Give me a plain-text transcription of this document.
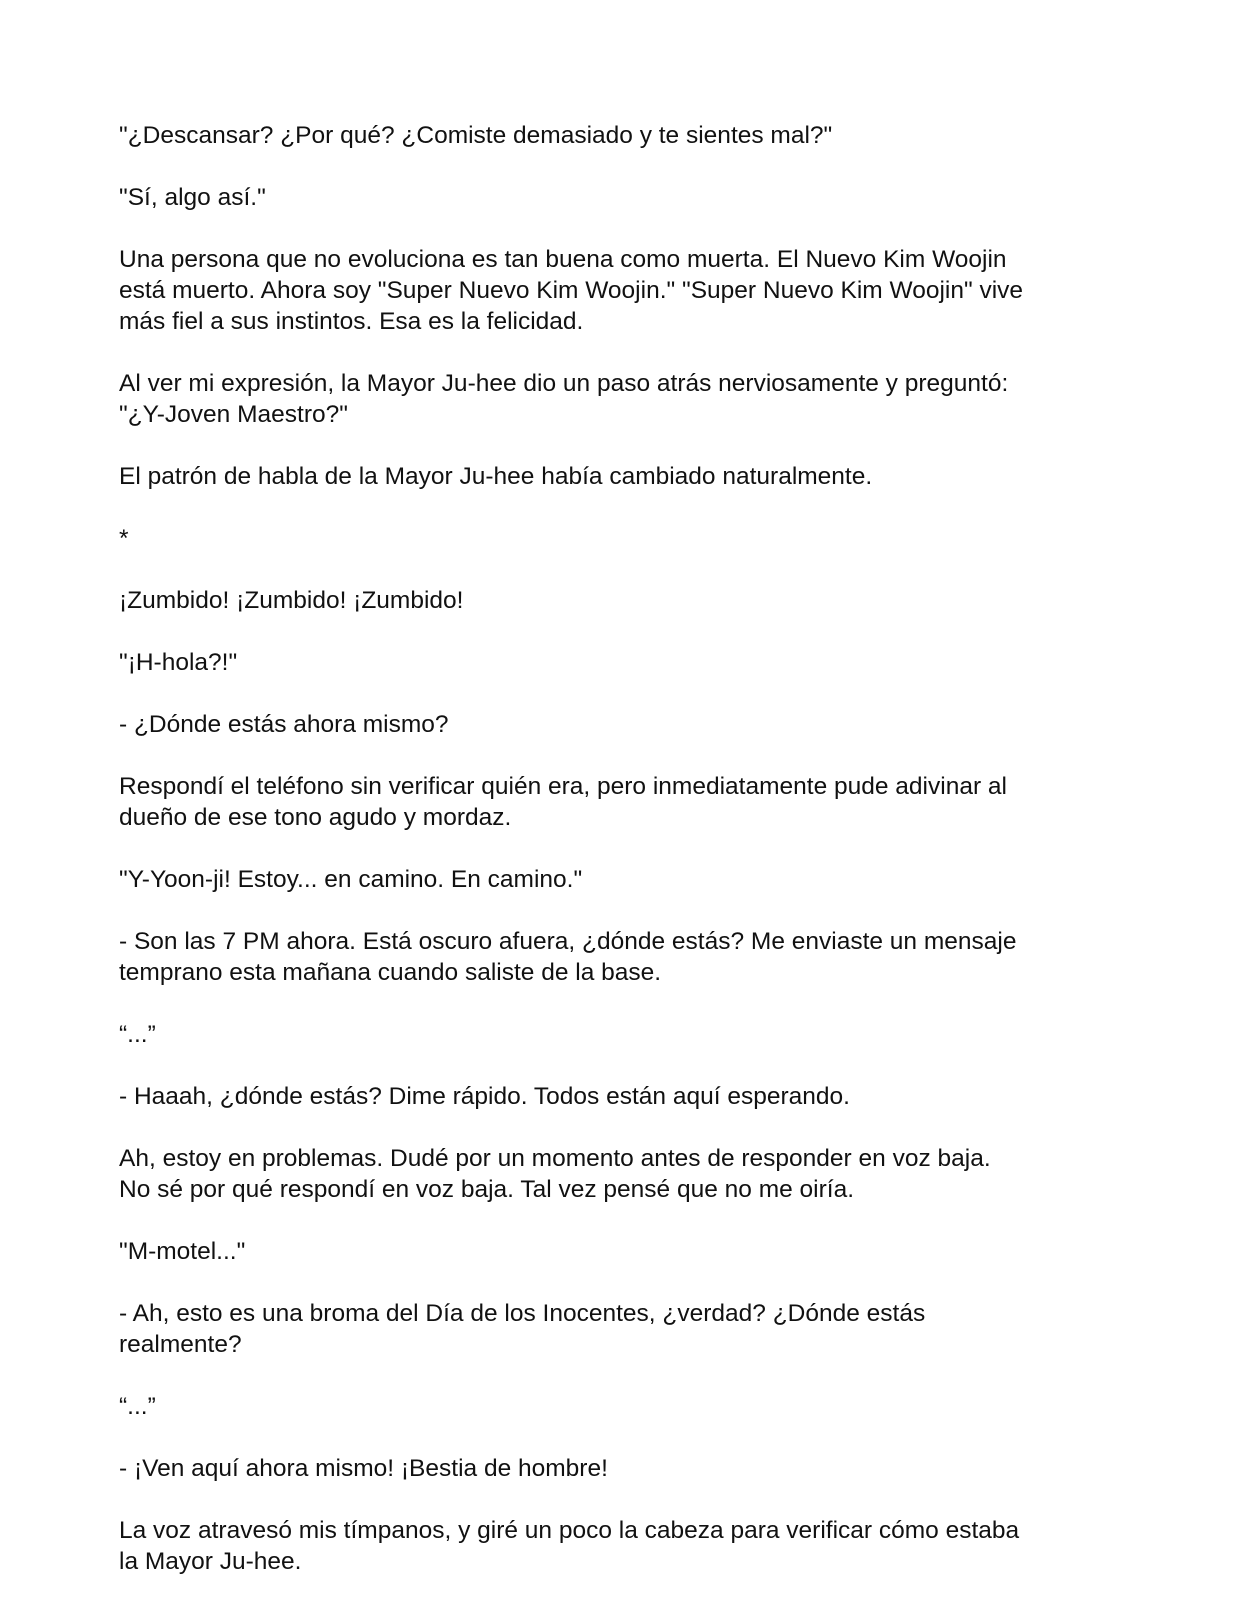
"¿Descansar? ¿Por qué? ¿Comiste demasiado y te sientes mal?"

"Sí, algo así."

Una persona que no evoluciona es tan buena como muerta. El Nuevo Kim Woojin
está muerto. Ahora soy "Super Nuevo Kim Woojin." "Super Nuevo Kim Woojin" vive
más fiel a sus instintos. Esa es la felicidad.

Al ver mi expresión, la Mayor Ju-hee dio un paso atrás nerviosamente y preguntó:
"¿Y-Joven Maestro?"

El patrón de habla de la Mayor Ju-hee había cambiado naturalmente.

*

¡Zumbido! ¡Zumbido! ¡Zumbido!

"¡H-hola?!"

- ¿Dónde estás ahora mismo?

Respondí el teléfono sin verificar quién era, pero inmediatamente pude adivinar al
dueño de ese tono agudo y mordaz.

"Y-Yoon-ji! Estoy... en camino. En camino."

- Son las 7 PM ahora. Está oscuro afuera, ¿dónde estás? Me enviaste un mensaje
temprano esta mañana cuando saliste de la base.

“...”

- Haaah, ¿dónde estás? Dime rápido. Todos están aquí esperando.

Ah, estoy en problemas. Dudé por un momento antes de responder en voz baja.
No sé por qué respondí en voz baja. Tal vez pensé que no me oiría.

"M-motel..."

- Ah, esto es una broma del Día de los Inocentes, ¿verdad? ¿Dónde estás
realmente?

“...”

- ¡Ven aquí ahora mismo! ¡Bestia de hombre!

La voz atravesó mis tímpanos, y giré un poco la cabeza para verificar cómo estaba
la Mayor Ju-hee.
